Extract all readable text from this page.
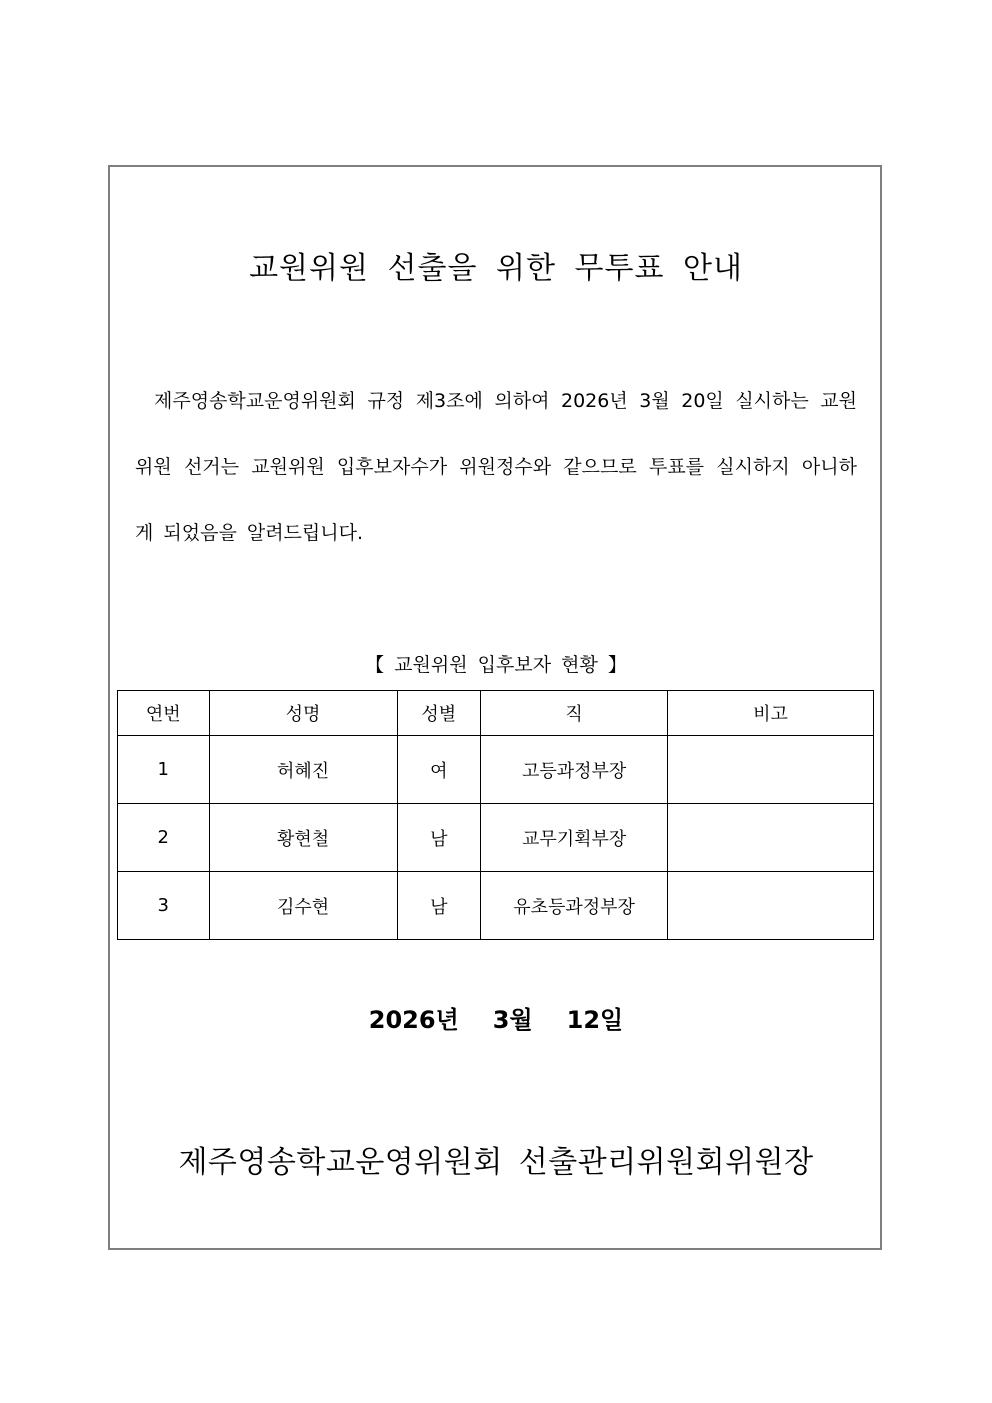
교원위원 선출을 위한 무투표 안내

제주영송학교운영위원회 규정 제3조에 의하여 2026년 3월 20일 실시하는 교원위원 선거는 교원위원 입후보자수가 위원정수와 같으므로 투표를 실시하지 아니하게 되었음을 알려드립니다.

【 교원위원 입후보자 현황 】
연번	성명	성별	직	비고
1	허혜진	여	고등과정부장	
2	황현철	남	교무기획부장	
3	김수현	남	유초등과정부장	
2026년 3월 12일
제주영송학교운영위원회 선출관리위원회위원장
